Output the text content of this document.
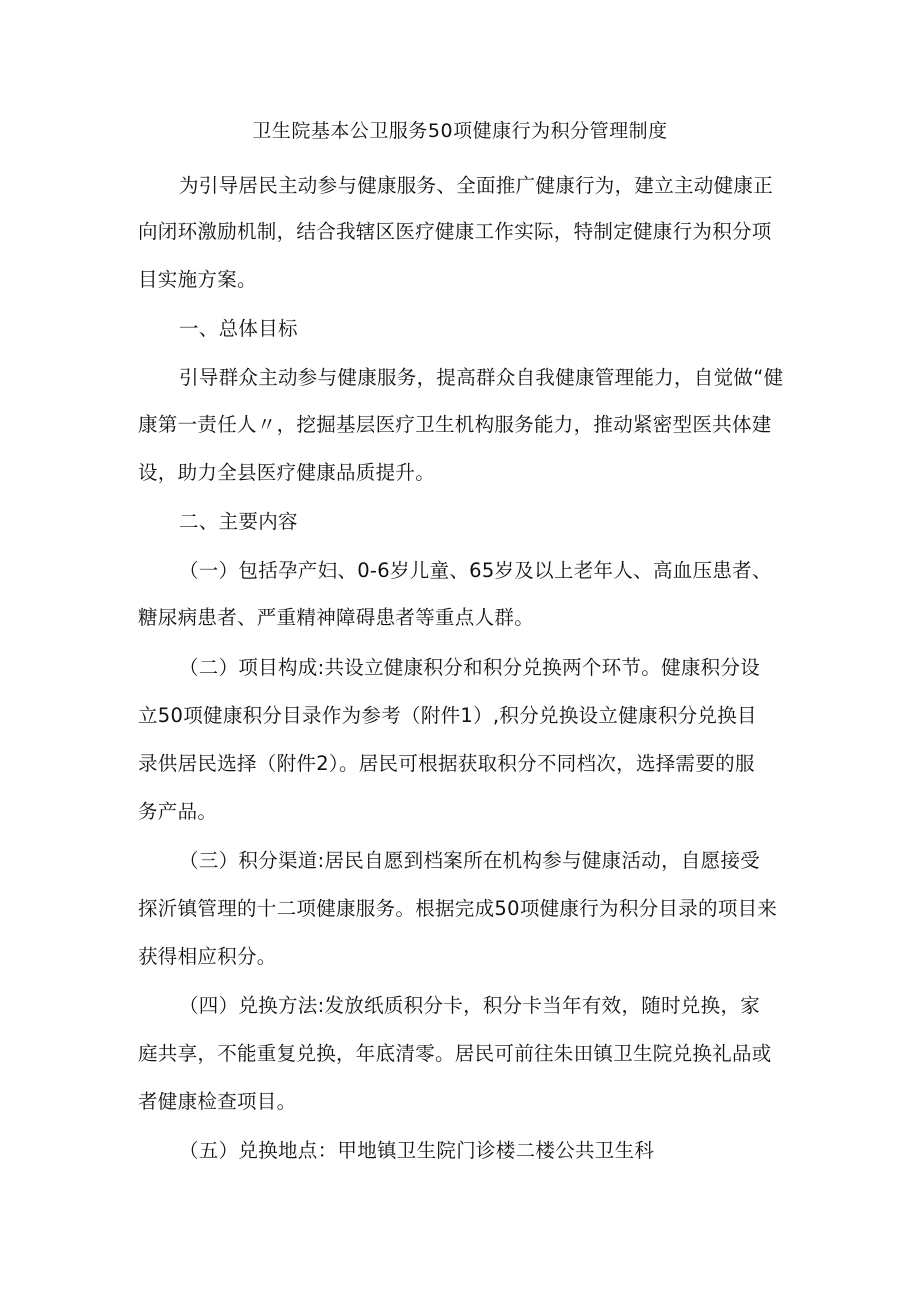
卫生院基本公卫服务50项健康行为积分管理制度

为引导居民主动参与健康服务、全面推广健康行为，建立主动健康正

向闭环激励机制，结合我辖区医疗健康工作实际，特制定健康行为积分项

目实施方案。

一、总体目标

引导群众主动参与健康服务，提高群众自我健康管理能力，自觉做“健

康第一责任人〃，挖掘基层医疗卫生机构服务能力，推动紧密型医共体建

设，助力全县医疗健康品质提升。

二、主要内容

（一）包括孕产妇、0-6岁儿童、65岁及以上老年人、高血压患者、

糖尿病患者、严重精神障碍患者等重点人群。

（二）项目构成:共设立健康积分和积分兑换两个环节。健康积分设

立50项健康积分目录作为参考（附件1）,积分兑换设立健康积分兑换目

录供居民选择（附件2）。居民可根据获取积分不同档次，选择需要的服

务产品。

（三）积分渠道:居民自愿到档案所在机构参与健康活动，自愿接受

探沂镇管理的十二项健康服务。根据完成50项健康行为积分目录的项目来

获得相应积分。

（四）兑换方法:发放纸质积分卡，积分卡当年有效，随时兑换，家

庭共享，不能重复兑换，年底清零。居民可前往朱田镇卫生院兑换礼品或

者健康检查项目。

（五）兑换地点：甲地镇卫生院门诊楼二楼公共卫生科
